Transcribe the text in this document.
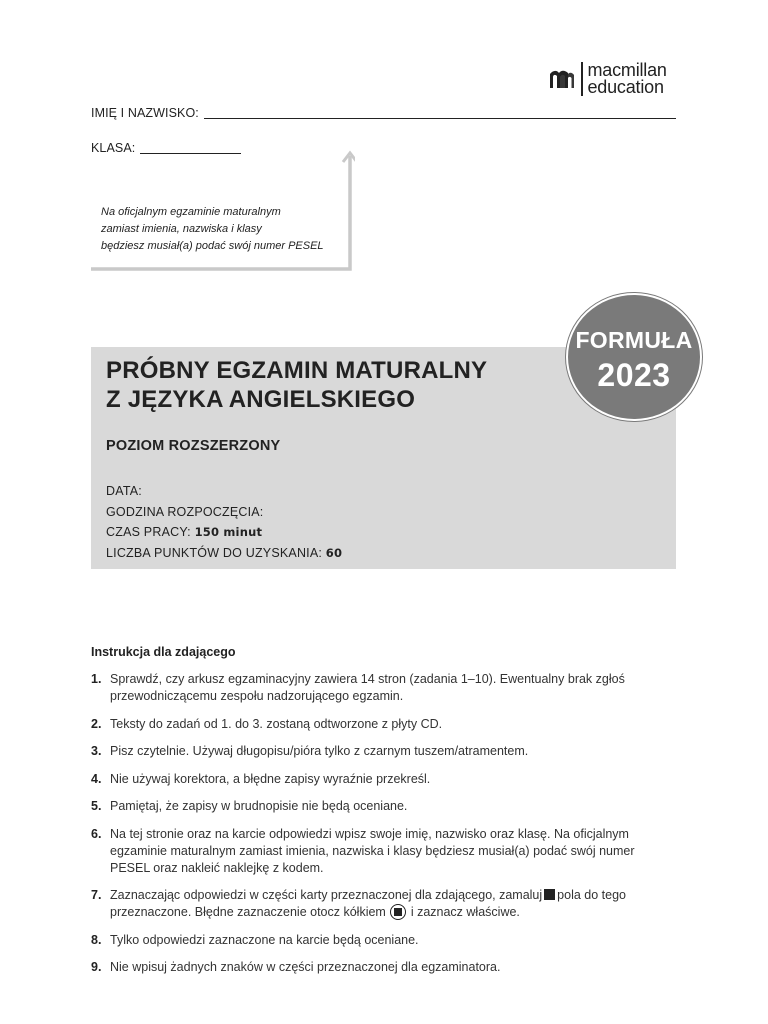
macmillan
education
IMIĘ I NAZWISKO:
KLASA:
Na oficjalnym egzaminie maturalnym
zamiast imienia, nazwiska i klasy
będziesz musiał(a) podać swój numer PESEL
PRÓBNY EGZAMIN MATURALNY
Z JĘZYKA ANGIELSKIEGO
POZIOM ROZSZERZONY
DATA:
GODZINA ROZPOCZĘCIA:
CZAS PRACY: 150 minut
LICZBA PUNKTÓW DO UZYSKANIA: 60
FORMUŁA
2023
Instrukcja dla zdającego
1. Sprawdź, czy arkusz egzaminacyjny zawiera 14 stron (zadania 1–10). Ewentualny brak zgłoś przewodniczącemu zespołu nadzorującego egzamin.
2. Teksty do zadań od 1. do 3. zostaną odtworzone z płyty CD.
3. Pisz czytelnie. Używaj długopisu/pióra tylko z czarnym tuszem/atramentem.
4. Nie używaj korektora, a błędne zapisy wyraźnie przekreśl.
5. Pamiętaj, że zapisy w brudnopisie nie będą oceniane.
6. Na tej stronie oraz na karcie odpowiedzi wpisz swoje imię, nazwisko oraz klasę. Na oficjalnym egzaminie maturalnym zamiast imienia, nazwiska i klasy będziesz musiał(a) podać swój numer PESEL oraz nakleić naklejkę z kodem.
7. Zaznaczając odpowiedzi w części karty przeznaczonej dla zdającego, zamaluj pola do tego przeznaczone. Błędne zaznaczenie otocz kółkiem i zaznacz właściwe.
8. Tylko odpowiedzi zaznaczone na karcie będą oceniane.
9. Nie wpisuj żadnych znaków w części przeznaczonej dla egzaminatora.
